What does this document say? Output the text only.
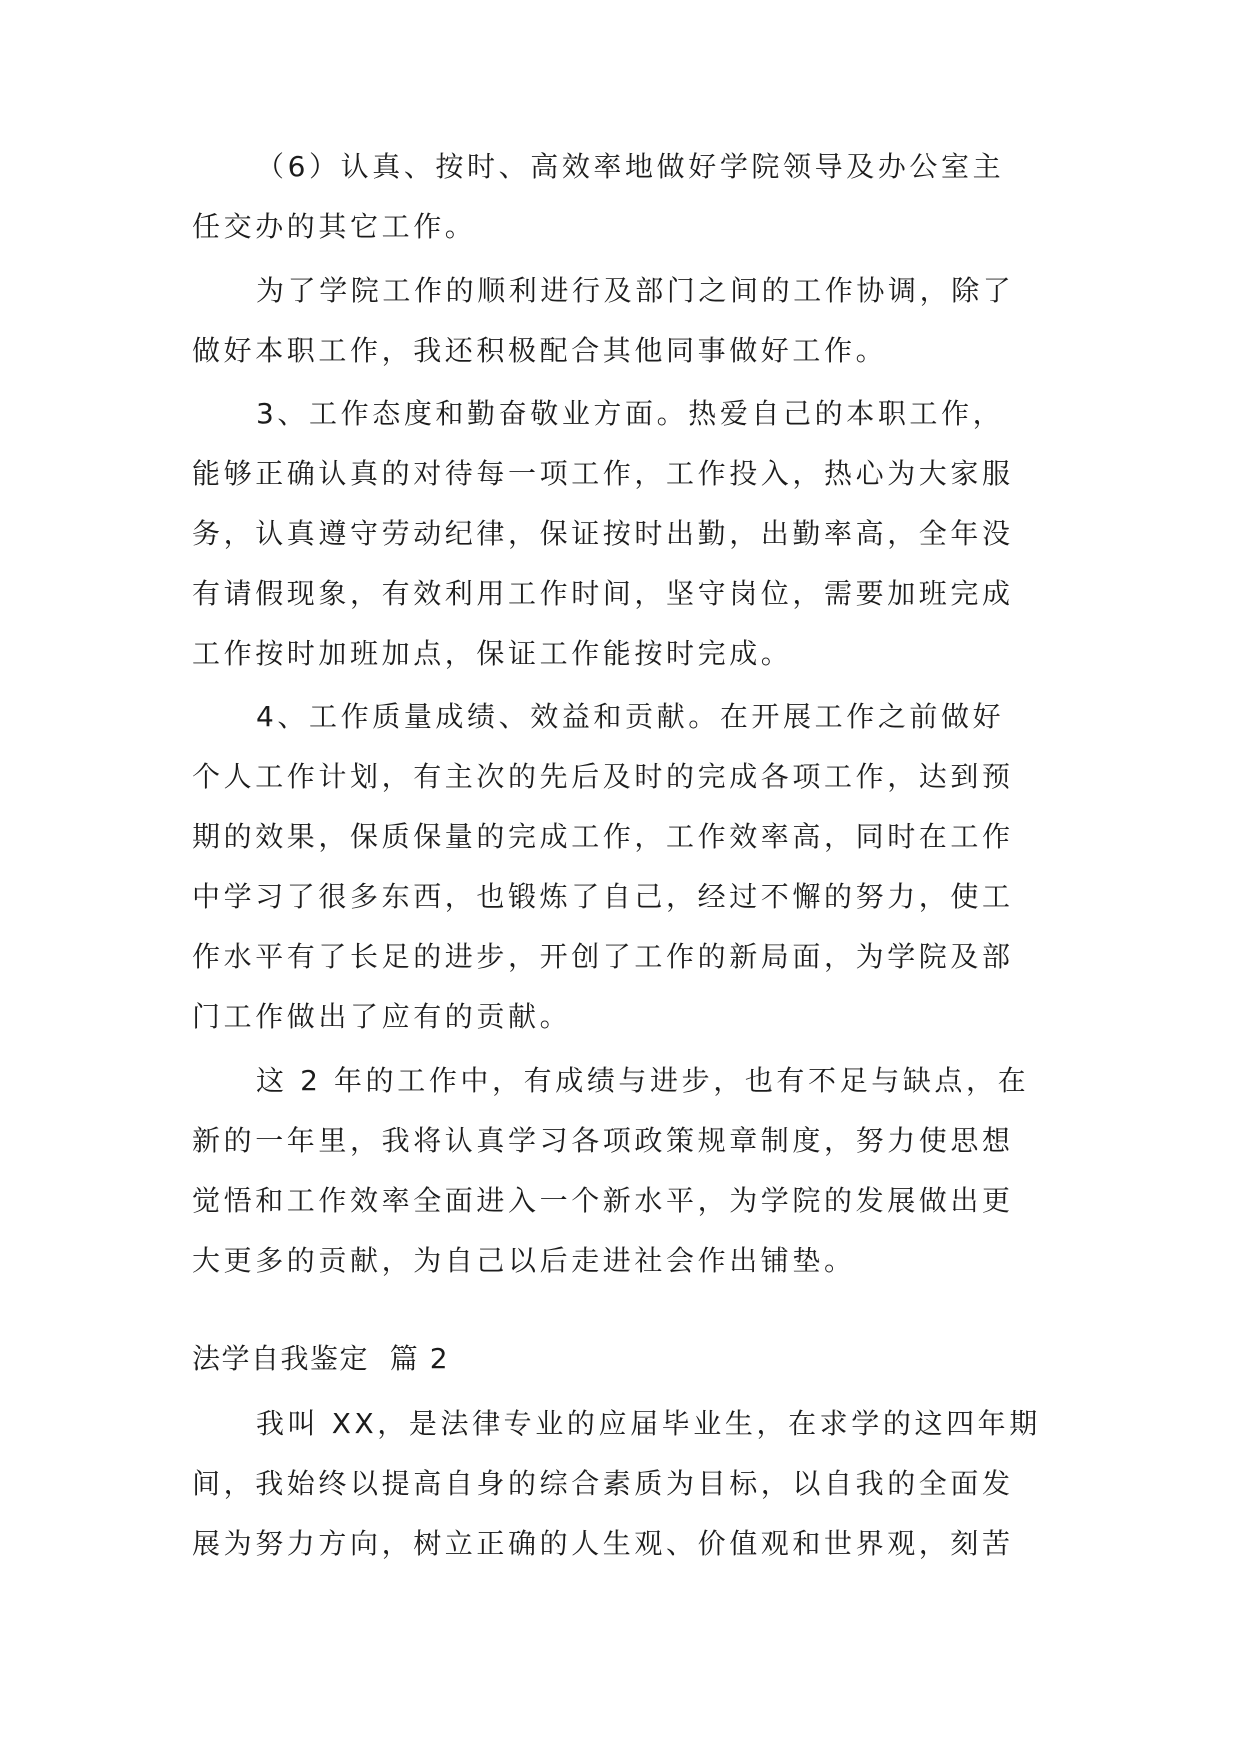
（6）认真、按时、高效率地做好学院领导及办公室主
任交办的其它工作。
为了学院工作的顺利进行及部门之间的工作协调，除了
做好本职工作，我还积极配合其他同事做好工作。
3、工作态度和勤奋敬业方面。热爱自己的本职工作，
能够正确认真的对待每一项工作，工作投入，热心为大家服
务，认真遵守劳动纪律，保证按时出勤，出勤率高，全年没
有请假现象，有效利用工作时间，坚守岗位，需要加班完成
工作按时加班加点，保证工作能按时完成。
4、工作质量成绩、效益和贡献。在开展工作之前做好
个人工作计划，有主次的先后及时的完成各项工作，达到预
期的效果，保质保量的完成工作，工作效率高，同时在工作
中学习了很多东西，也锻炼了自己，经过不懈的努力，使工
作水平有了长足的进步，开创了工作的新局面，为学院及部
门工作做出了应有的贡献。
这 2 年的工作中，有成绩与进步，也有不足与缺点，在
新的一年里，我将认真学习各项政策规章制度，努力使思想
觉悟和工作效率全面进入一个新水平，为学院的发展做出更
大更多的贡献，为自己以后走进社会作出铺垫。
法学自我鉴定  篇 2
我叫 XX，是法律专业的应届毕业生，在求学的这四年期
间，我始终以提高自身的综合素质为目标，以自我的全面发
展为努力方向，树立正确的人生观、价值观和世界观，刻苦
